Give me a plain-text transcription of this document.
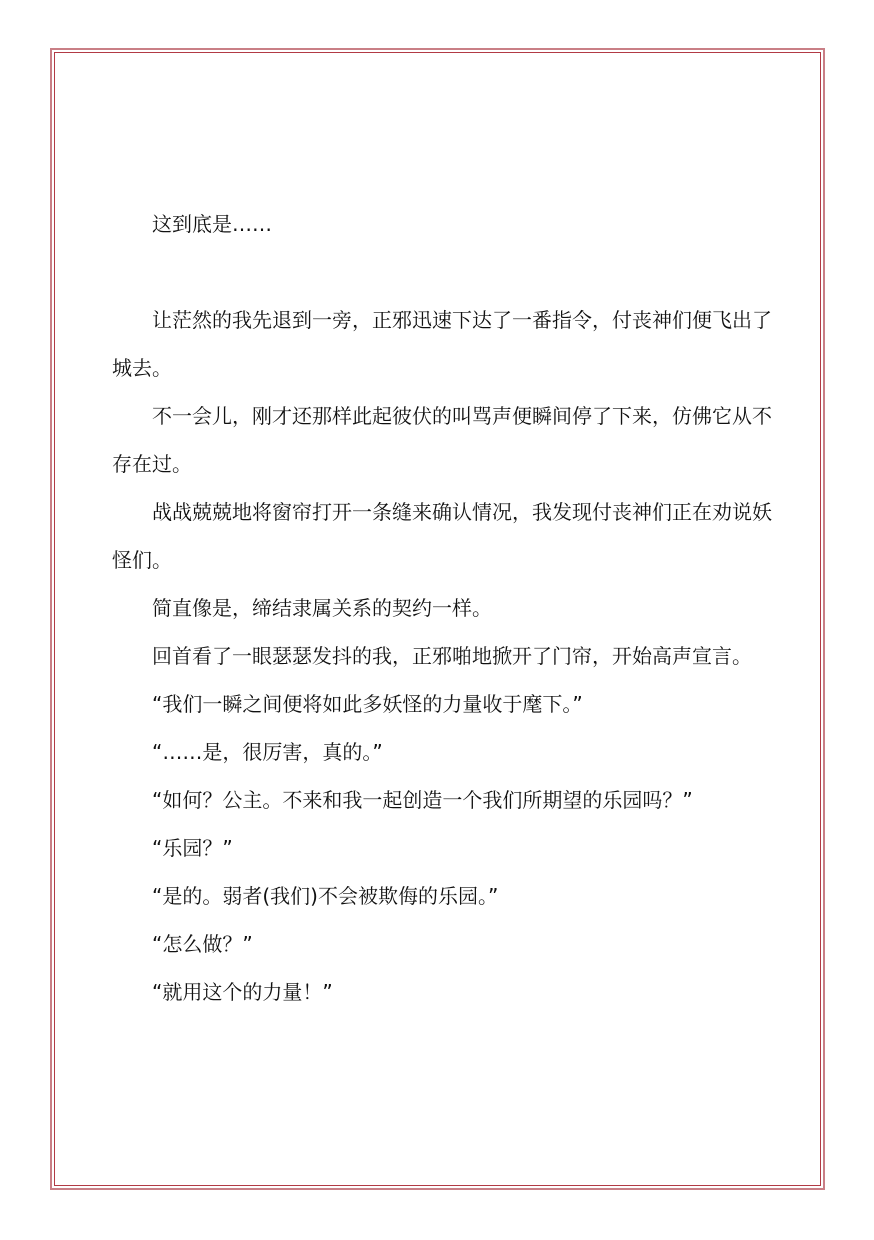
这到底是……

让茫然的我先退到一旁，正邪迅速下达了一番指令，付丧神们便飞出了城去。

不一会儿，刚才还那样此起彼伏的叫骂声便瞬间停了下来，仿佛它从不存在过。

战战兢兢地将窗帘打开一条缝来确认情况，我发现付丧神们正在劝说妖怪们。

简直像是，缔结隶属关系的契约一样。

回首看了一眼瑟瑟发抖的我，正邪啪地掀开了门帘，开始高声宣言。

“我们一瞬之间便将如此多妖怪的力量收于麾下。”

“……是，很厉害，真的。”

“如何？公主。不来和我一起创造一个我们所期望的乐园吗？”

“乐园？”

“是的。弱者(我们)不会被欺侮的乐园。”

“怎么做？”

“就用这个的力量！”
